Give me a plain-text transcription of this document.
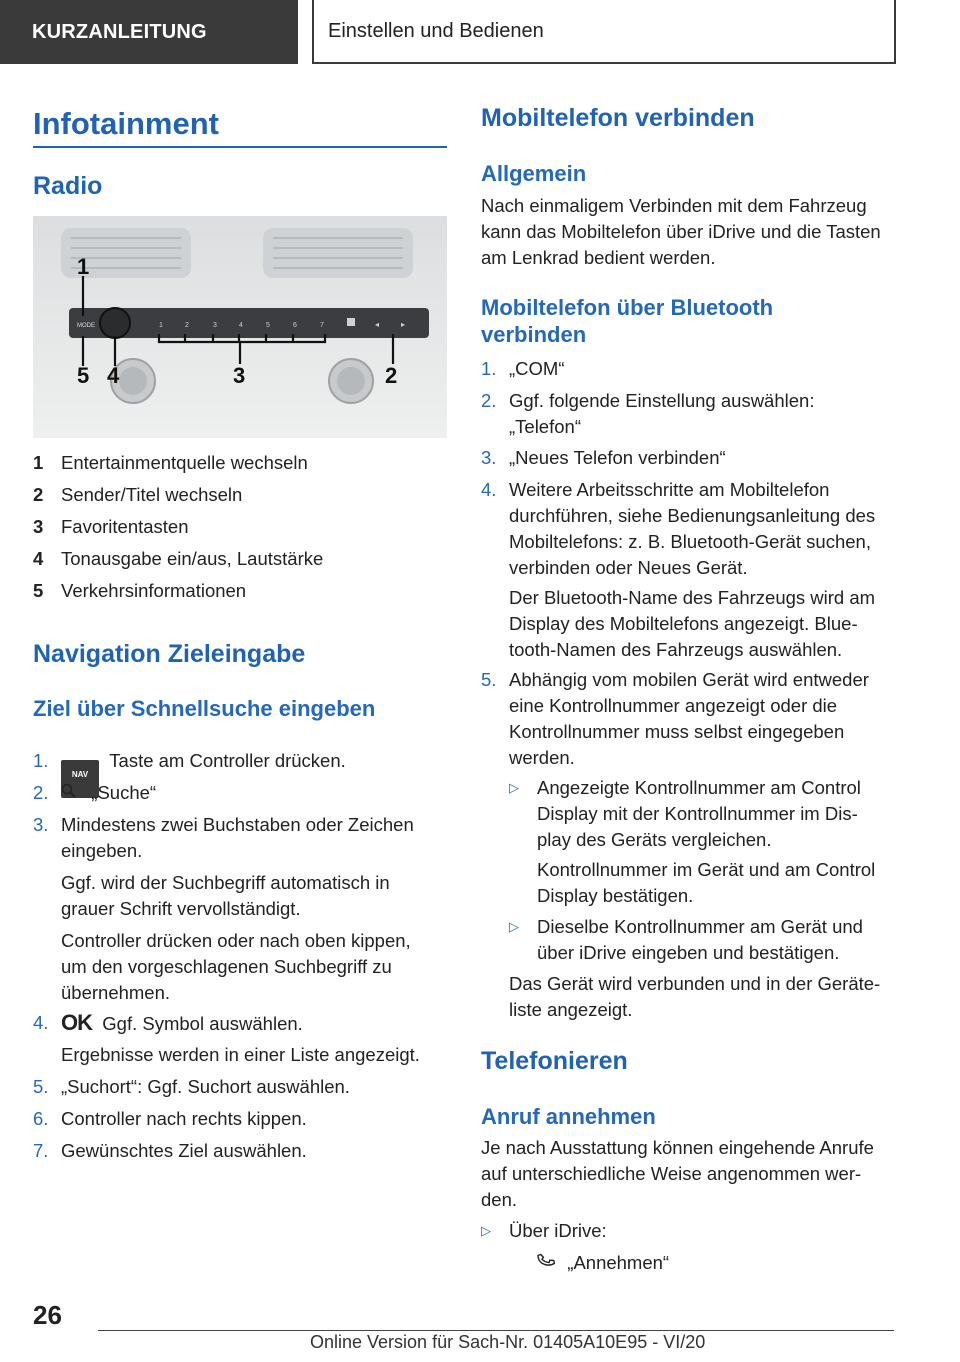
KURZANLEITUNG	Einstellen und Bedienen
Infotainment
Radio
MODE	1	2	3	4	5	6	7	◂	▸
1
5 4	3	2
1 Entertainmentquelle wechseln
2 Sender/Titel wechseln
3 Favoritentasten
4 Tonausgabe ein/aus, Lautstärke
5 Verkehrsinformationen
Navigation Zieleingabe
Ziel über Schnellsuche eingeben
1.
NAV  Taste am Controller drücken.
2.	„Suche“
3. Mindestens zwei Buchstaben oder Zeichen
eingeben.
Ggf. wird der Suchbegriff automatisch in
grauer Schrift vervollständigt.
Controller drücken oder nach oben kippen,
um den vorgeschlagenen Suchbegriff zu
übernehmen.
4. OK Ggf. Symbol auswählen.
Ergebnisse werden in einer Liste angezeigt.
5. „Suchort“: Ggf. Suchort auswählen.
6. Controller nach rechts kippen.
7. Gewünschtes Ziel auswählen.
Mobiltelefon verbinden
Allgemein
Nach einmaligem Verbinden mit dem Fahrzeug
kann das Mobiltelefon über iDrive und die Tasten
am Lenkrad bedient werden.
Mobiltelefon über Bluetooth
verbinden
1. „COM“
2. Ggf. folgende Einstellung auswählen:
„Telefon“
3. „Neues Telefon verbinden“
4. Weitere Arbeitsschritte am Mobiltelefon
durchführen, siehe Bedienungsanleitung des
Mobiltelefons: z. B. Bluetooth-Gerät suchen,
verbinden oder Neues Gerät.
Der Bluetooth-Name des Fahrzeugs wird am
Display des Mobiltelefons angezeigt. Blue-
tooth-Namen des Fahrzeugs auswählen.
5. Abhängig vom mobilen Gerät wird entweder
eine Kontrollnummer angezeigt oder die
Kontrollnummer muss selbst eingegeben
werden.
▷ Angezeigte Kontrollnummer am Control
Display mit der Kontrollnummer im Dis-
play des Geräts vergleichen.
Kontrollnummer im Gerät und am Control
Display bestätigen.
▷ Dieselbe Kontrollnummer am Gerät und
über iDrive eingeben und bestätigen.
Das Gerät wird verbunden und in der Geräte-
liste angezeigt.
Telefonieren
Anruf annehmen
Je nach Ausstattung können eingehende Anrufe
auf unterschiedliche Weise angenommen wer-
den.
▷ Über iDrive:
„Annehmen“
26
Online Version für Sach-Nr. 01405A10E95 - VI/20
